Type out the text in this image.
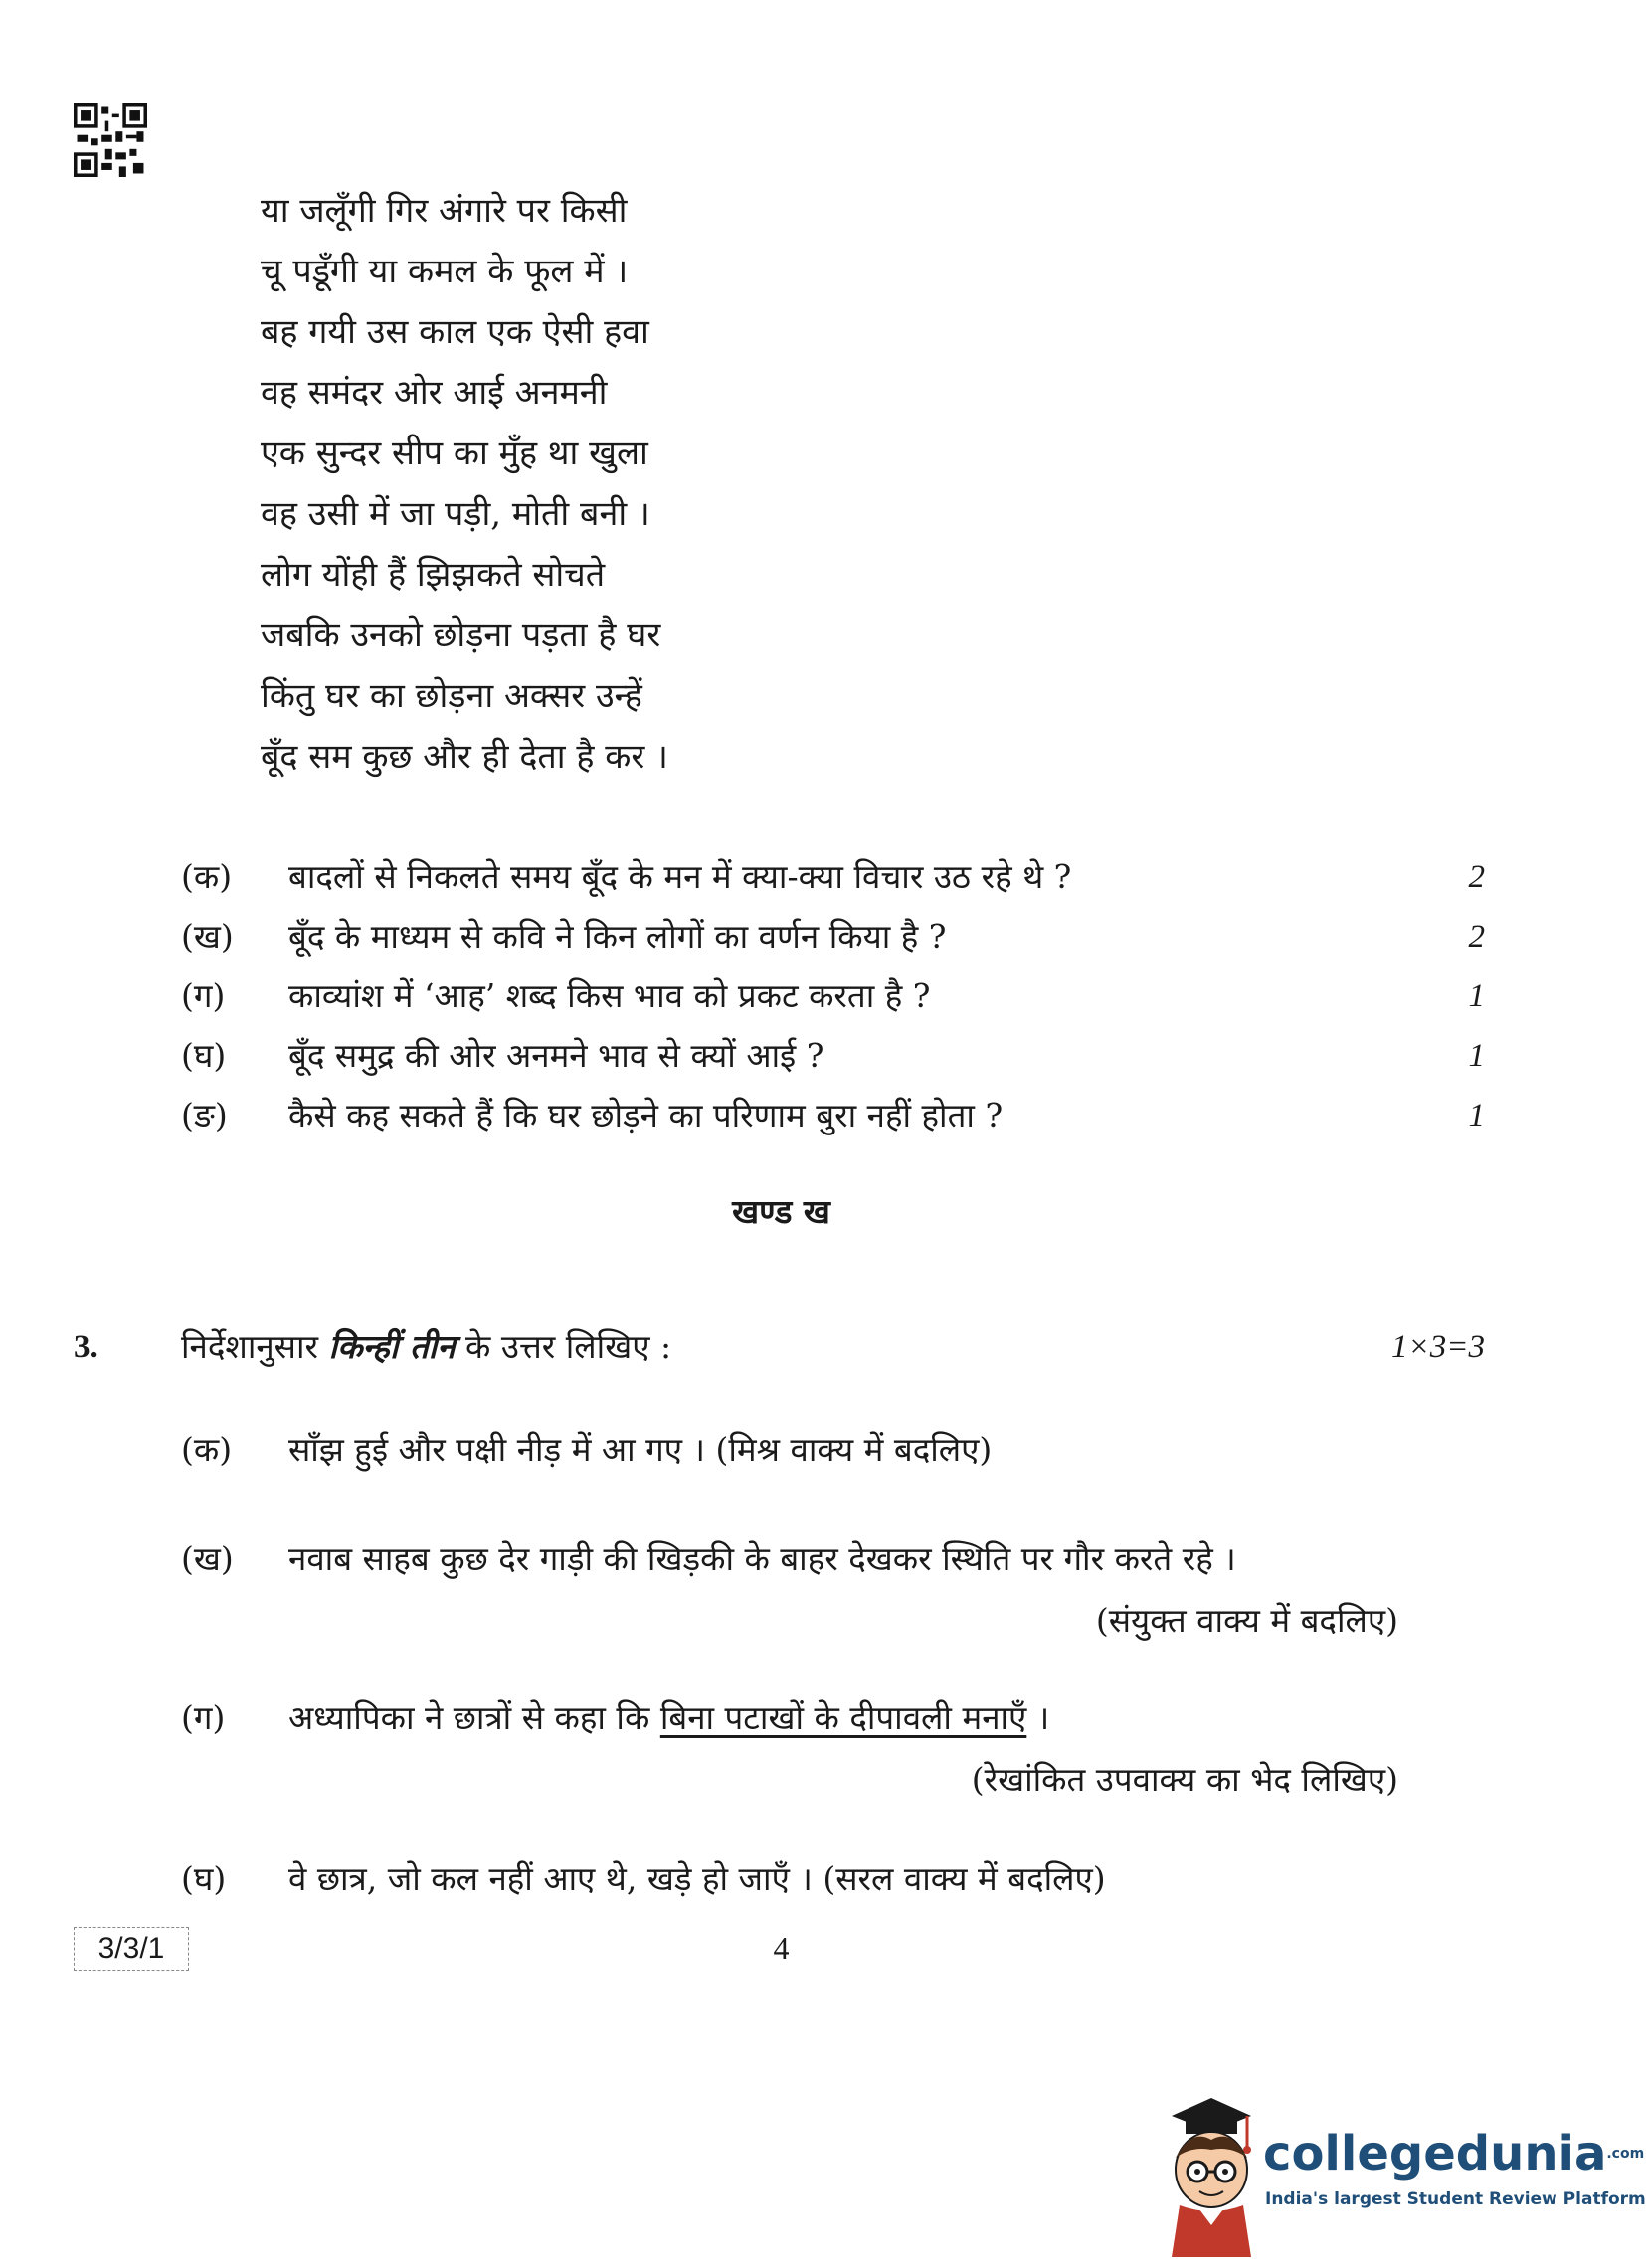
या जलूँगी गिर अंगारे पर किसी
चू पडूँगी या कमल के फूल में ।
बह गयी उस काल एक ऐसी हवा
वह समंदर ओर आई अनमनी
एक सुन्दर सीप का मुँह था खुला
वह उसी में जा पड़ी, मोती बनी ।
लोग योंही हैं झिझकते सोचते
जबकि उनको छोड़ना पड़ता है घर
किंतु घर का छोड़ना अक्सर उन्हें
बूँद सम कुछ और ही देता है कर ।
(क) बादलों से निकलते समय बूँद के मन में क्या-क्या विचार उठ रहे थे ?	2
(ख) बूँद के माध्यम से कवि ने किन लोगों का वर्णन किया है ?	2
(ग) काव्यांश में ‘आह’ शब्द किस भाव को प्रकट करता है ?	1
(घ) बूँद समुद्र की ओर अनमने भाव से क्यों आई ?	1
(ङ) कैसे कह सकते हैं कि घर छोड़ने का परिणाम बुरा नहीं होता ?	1
खण्ड ख
3.	निर्देशानुसार किन्हीं तीन के उत्तर लिखिए :	1×3=3
(क) साँझ हुई और पक्षी नीड़ में आ गए । (मिश्र वाक्य में बदलिए)
(ख) नवाब साहब कुछ देर गाड़ी की खिड़की के बाहर देखकर स्थिति पर गौर करते रहे ।
(संयुक्त वाक्य में बदलिए)
(ग) अध्यापिका ने छात्रों से कहा कि बिना पटाखों के दीपावली मनाएँ ।
(रेखांकित उपवाक्य का भेद लिखिए)
(घ) वे छात्र, जो कल नहीं आए थे, खड़े हो जाएँ । (सरल वाक्य में बदलिए)
3/3/1	4
collegedunia$^{.com}$
India's largest Student Review Platform
